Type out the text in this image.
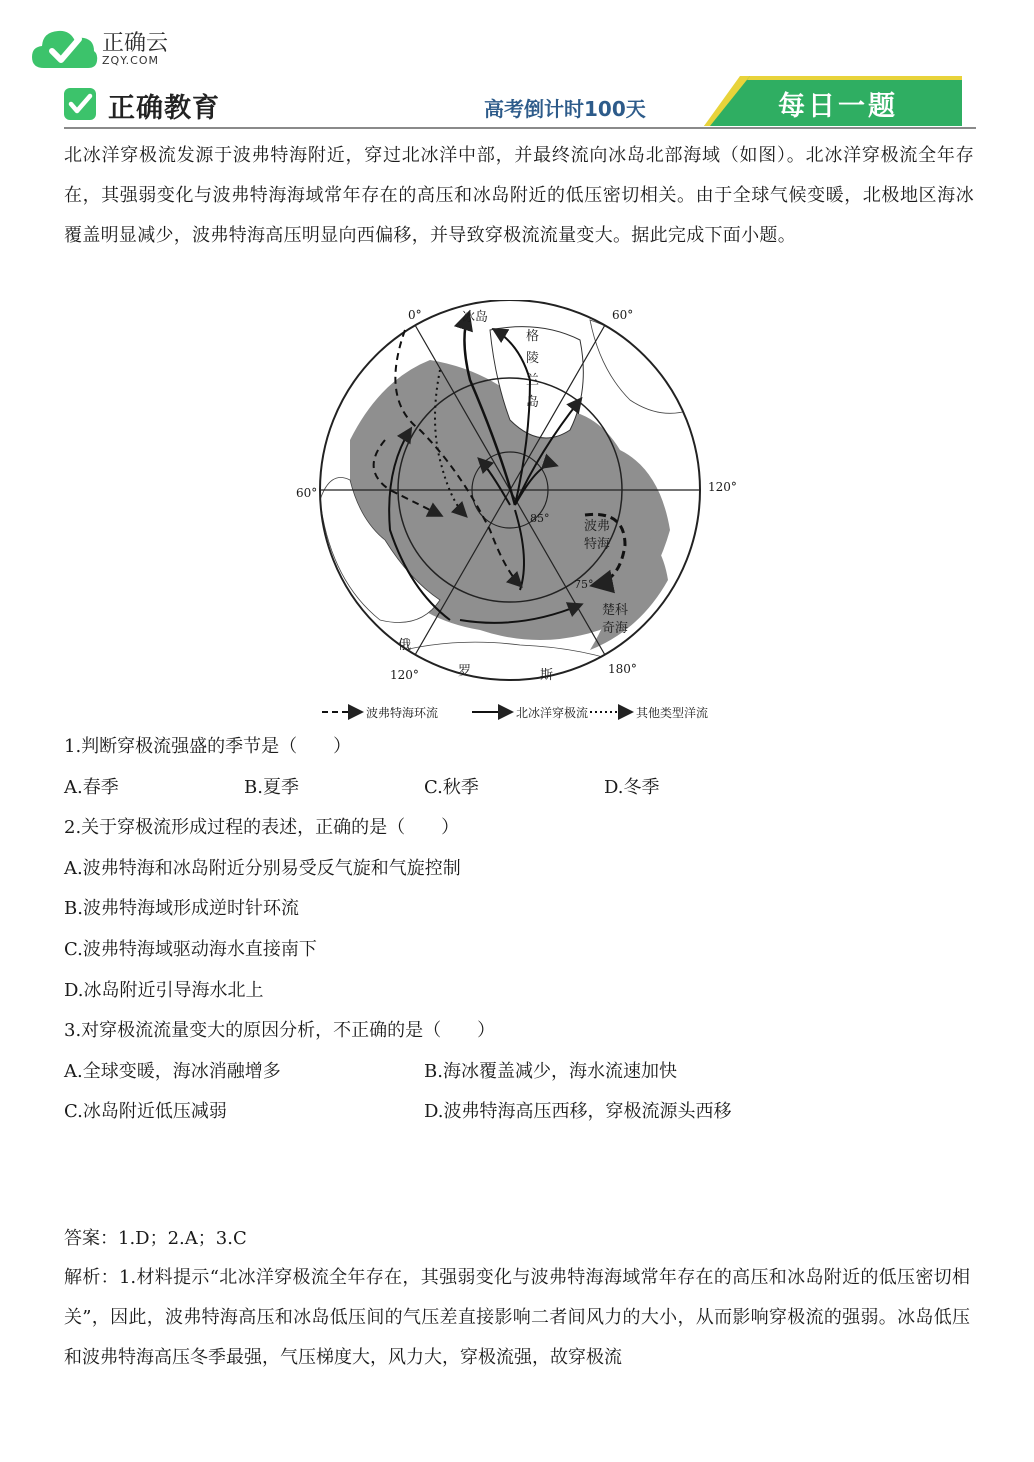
正确云
ZQY.COM
正确教育	高考倒计时100天	每日一题

北冰洋穿极流发源于波弗特海附近，穿过北冰洋中部，并最终流向冰岛北部海域（如图）。北冰洋穿极流全年存在，其强弱变化与波弗特海海域常年存在的高压和冰岛附近的低压密切相关。由于全球气候变暖，北极地区海冰覆盖明显减少，波弗特海高压明显向西偏移，并导致穿极流流量变大。据此完成下面小题。

0°	60°
60°	120°
120°	180°
85°
75°
冰岛
格
陵
兰
岛
波弗
特海
楚科
奇海
俄
罗	斯
波弗特海环流	北冰洋穿极流	其他类型洋流
1.判断穿极流强盛的季节是（　　）
A.春季	B.夏季	C.秋季	D.冬季
2.关于穿极流形成过程的表述，正确的是（　　）
A.波弗特海和冰岛附近分别易受反气旋和气旋控制
B.波弗特海域形成逆时针环流
C.波弗特海域驱动海水直接南下
D.冰岛附近引导海水北上
3.对穿极流流量变大的原因分析，不正确的是（　　）
A.全球变暖，海冰消融增多	B.海冰覆盖减少，海水流速加快
C.冰岛附近低压减弱	D.波弗特海高压西移，穿极流源头西移
答案：1.D；2.A；3.C

解析：1.材料提示“北冰洋穿极流全年存在，其强弱变化与波弗特海海域常年存在的高压和冰岛附近的低压密切相关”，因此，波弗特海高压和冰岛低压间的气压差直接影响二者间风力的大小，从而影响穿极流的强弱。冰岛低压和波弗特海高压冬季最强，气压梯度大，风力大，穿极流强，故穿极流
